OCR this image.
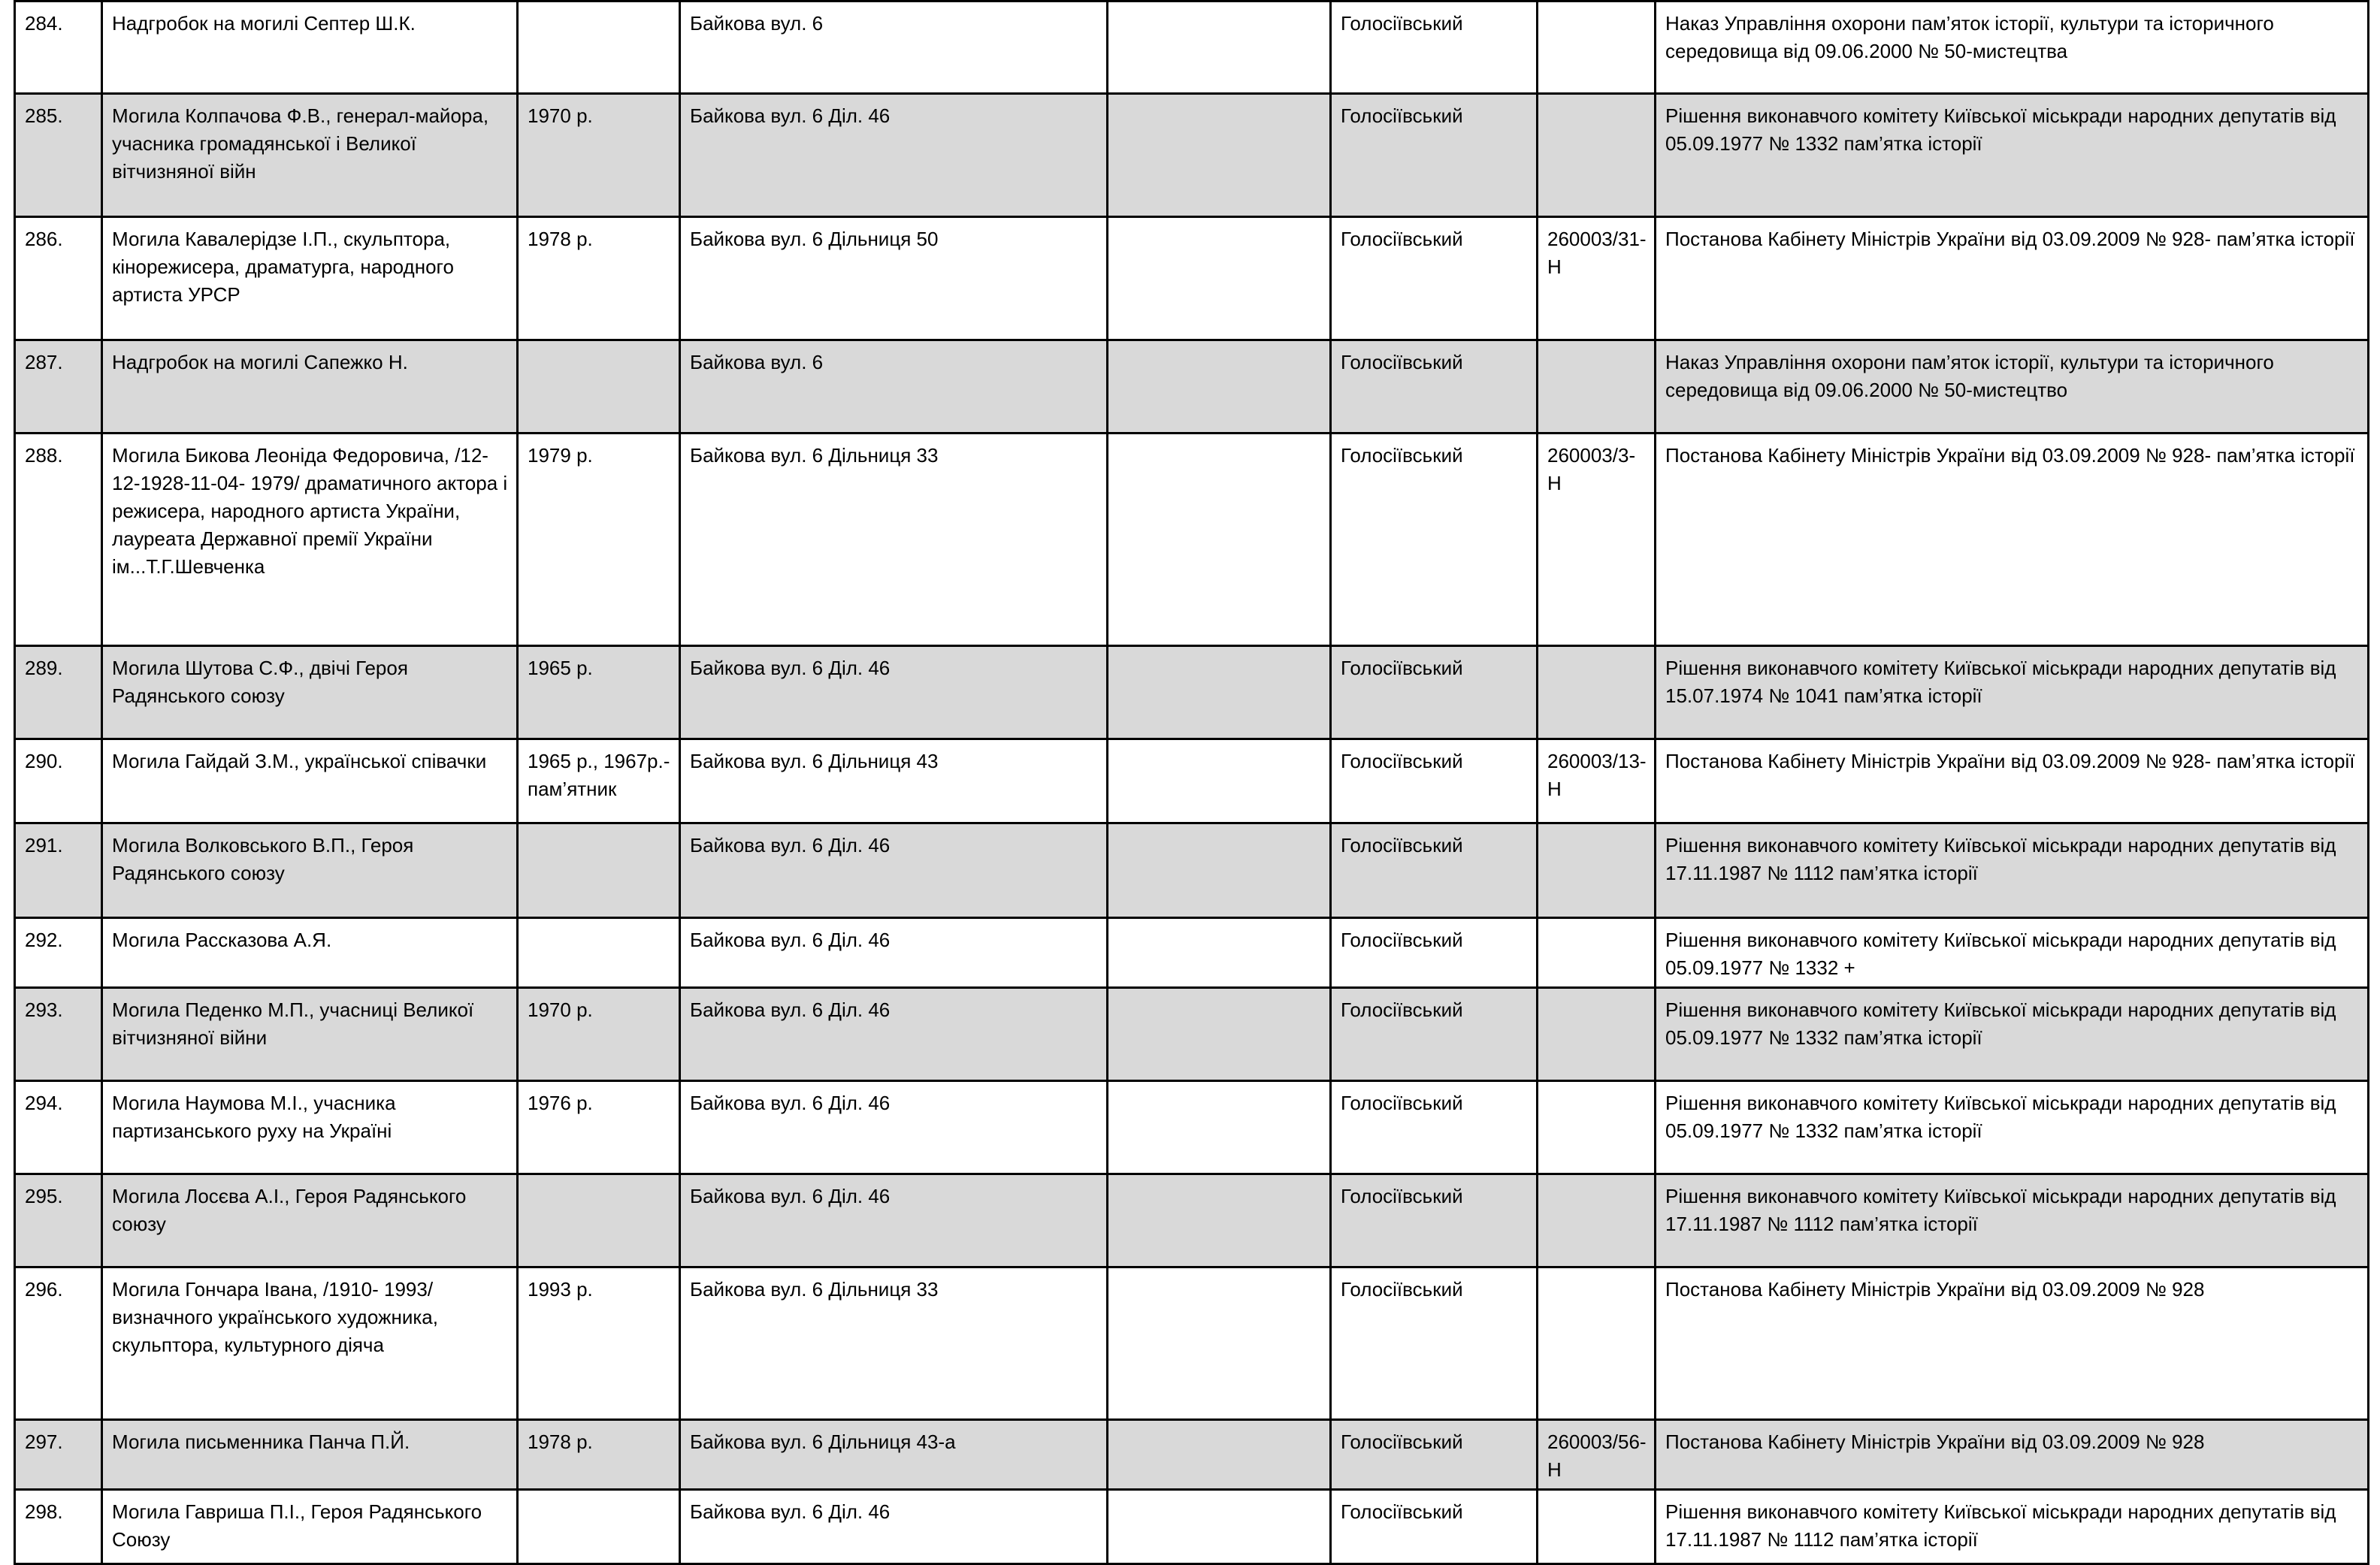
284.	Надгробок на могилі Септер Ш.К.		Байкова вул. 6		Голосіївський		Наказ Управління охорони пам’яток історії, культури та історичного середовища від 09.06.2000 № 50-мистецтва
285.	Могила Колпачова Ф.В., генерал-майора, учасника громадянської і Великої вітчизняної війн	1970 р.	Байкова вул. 6 Діл. 46		Голосіївський		Рішення виконавчого комітету Київської міськради народних депутатів від 05.09.1977 № 1332 пам’ятка історії
286.	Могила Кавалерідзе І.П., скульптора, кінорежисера, драматурга, народного артиста УРСР	1978 р.	Байкова вул. 6 Дільниця 50		Голосіївський	260003/31-Н	Постанова Кабінету Міністрів України від 03.09.2009 № 928- пам’ятка історії
287.	Надгробок на могилі Сапежко Н.		Байкова вул. 6		Голосіївський		Наказ Управління охорони пам’яток історії, культури та історичного середовища від 09.06.2000 № 50-мистецтво
288.	Могила Бикова Леоніда Федоровича, /12-12-1928-11-04- 1979/ драматичного актора і режисера, народного артиста України, лауреата Державної премії України ім...Т.Г.Шевченка	1979 р.	Байкова вул. 6 Дільниця 33		Голосіївський	260003/3-Н	Постанова Кабінету Міністрів України від 03.09.2009 № 928- пам’ятка історії
289.	Могила Шутова С.Ф., двічі Героя Радянського союзу	1965 р.	Байкова вул. 6 Діл. 46		Голосіївський		Рішення виконавчого комітету Київської міськради народних депутатів від 15.07.1974 № 1041 пам’ятка історії
290.	Могила Гайдай З.М., української співачки	1965 р., 1967р.- пам’ятник	Байкова вул. 6 Дільниця 43		Голосіївський	260003/13-Н	Постанова Кабінету Міністрів України від 03.09.2009 № 928- пам’ятка історії
291.	Могила Волковського В.П., Героя Радянського союзу		Байкова вул. 6 Діл. 46		Голосіївський		Рішення виконавчого комітету Київської міськради народних депутатів від 17.11.1987 № 1112 пам’ятка історії
292.	Могила Рассказова А.Я.		Байкова вул. 6 Діл. 46		Голосіївський		Рішення виконавчого комітету Київської міськради народних депутатів від 05.09.1977 № 1332 +
293.	Могила Педенко М.П., учасниці Великої вітчизняної війни	1970 р.	Байкова вул. 6 Діл. 46		Голосіївський		Рішення виконавчого комітету Київської міськради народних депутатів від 05.09.1977 № 1332 пам’ятка історії
294.	Могила Наумова М.І., учасника партизанського руху на Україні	1976 р.	Байкова вул. 6 Діл. 46		Голосіївський		Рішення виконавчого комітету Київської міськради народних депутатів від 05.09.1977 № 1332 пам’ятка історії
295.	Могила Лосєва А.І., Героя Радянського союзу		Байкова вул. 6 Діл. 46		Голосіївський		Рішення виконавчого комітету Київської міськради народних депутатів від 17.11.1987 № 1112 пам’ятка історії
296.	Могила Гончара Івана, /1910- 1993/ визначного українського художника, скульптора, культурного діяча	1993 р.	Байкова вул. 6 Дільниця 33		Голосіївський		Постанова Кабінету Міністрів України від 03.09.2009 № 928
297.	Могила письменника Панча П.Й.	1978 р.	Байкова вул. 6 Дільниця 43-а		Голосіївський	260003/56- Н	Постанова Кабінету Міністрів України від 03.09.2009 № 928
298.	Могила Гавриша П.І., Героя Радянського Союзу		Байкова вул. 6 Діл. 46		Голосіївський		Рішення виконавчого комітету Київської міськради народних депутатів від 17.11.1987 № 1112 пам’ятка історії
